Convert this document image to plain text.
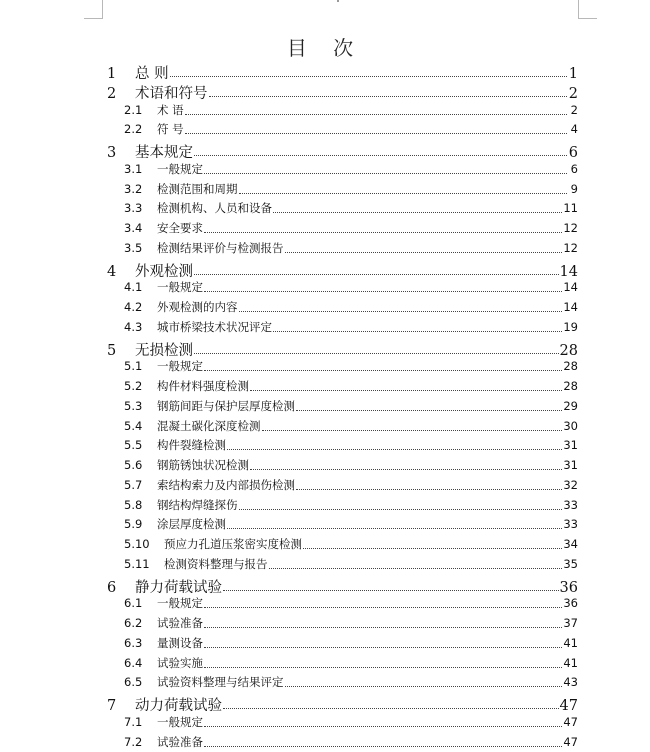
目 次
1	总 则	1
2	术语和符号	2
2.1	术 语	2
2.2	符 号	4
3	基本规定	6
3.1	一般规定	6
3.2	检测范围和周期	9
3.3	检测机构、人员和设备	11
3.4	安全要求	12
3.5	检测结果评价与检测报告	12
4	外观检测	14
4.1	一般规定	14
4.2	外观检测的内容	14
4.3	城市桥梁技术状况评定	19
5	无损检测	28
5.1	一般规定	28
5.2	构件材料强度检测	28
5.3	钢筋间距与保护层厚度检测	29
5.4	混凝土碳化深度检测	30
5.5	构件裂缝检测	31
5.6	钢筋锈蚀状况检测	31
5.7	索结构索力及内部损伤检测	32
5.8	钢结构焊缝探伤	33
5.9	涂层厚度检测	33
5.10	预应力孔道压浆密实度检测	34
5.11	检测资料整理与报告	35
6	静力荷载试验	36
6.1	一般规定	36
6.2	试验准备	37
6.3	量测设备	41
6.4	试验实施	41
6.5	试验资料整理与结果评定	43
7	动力荷载试验	47
7.1	一般规定	47
7.2	试验准备	47
